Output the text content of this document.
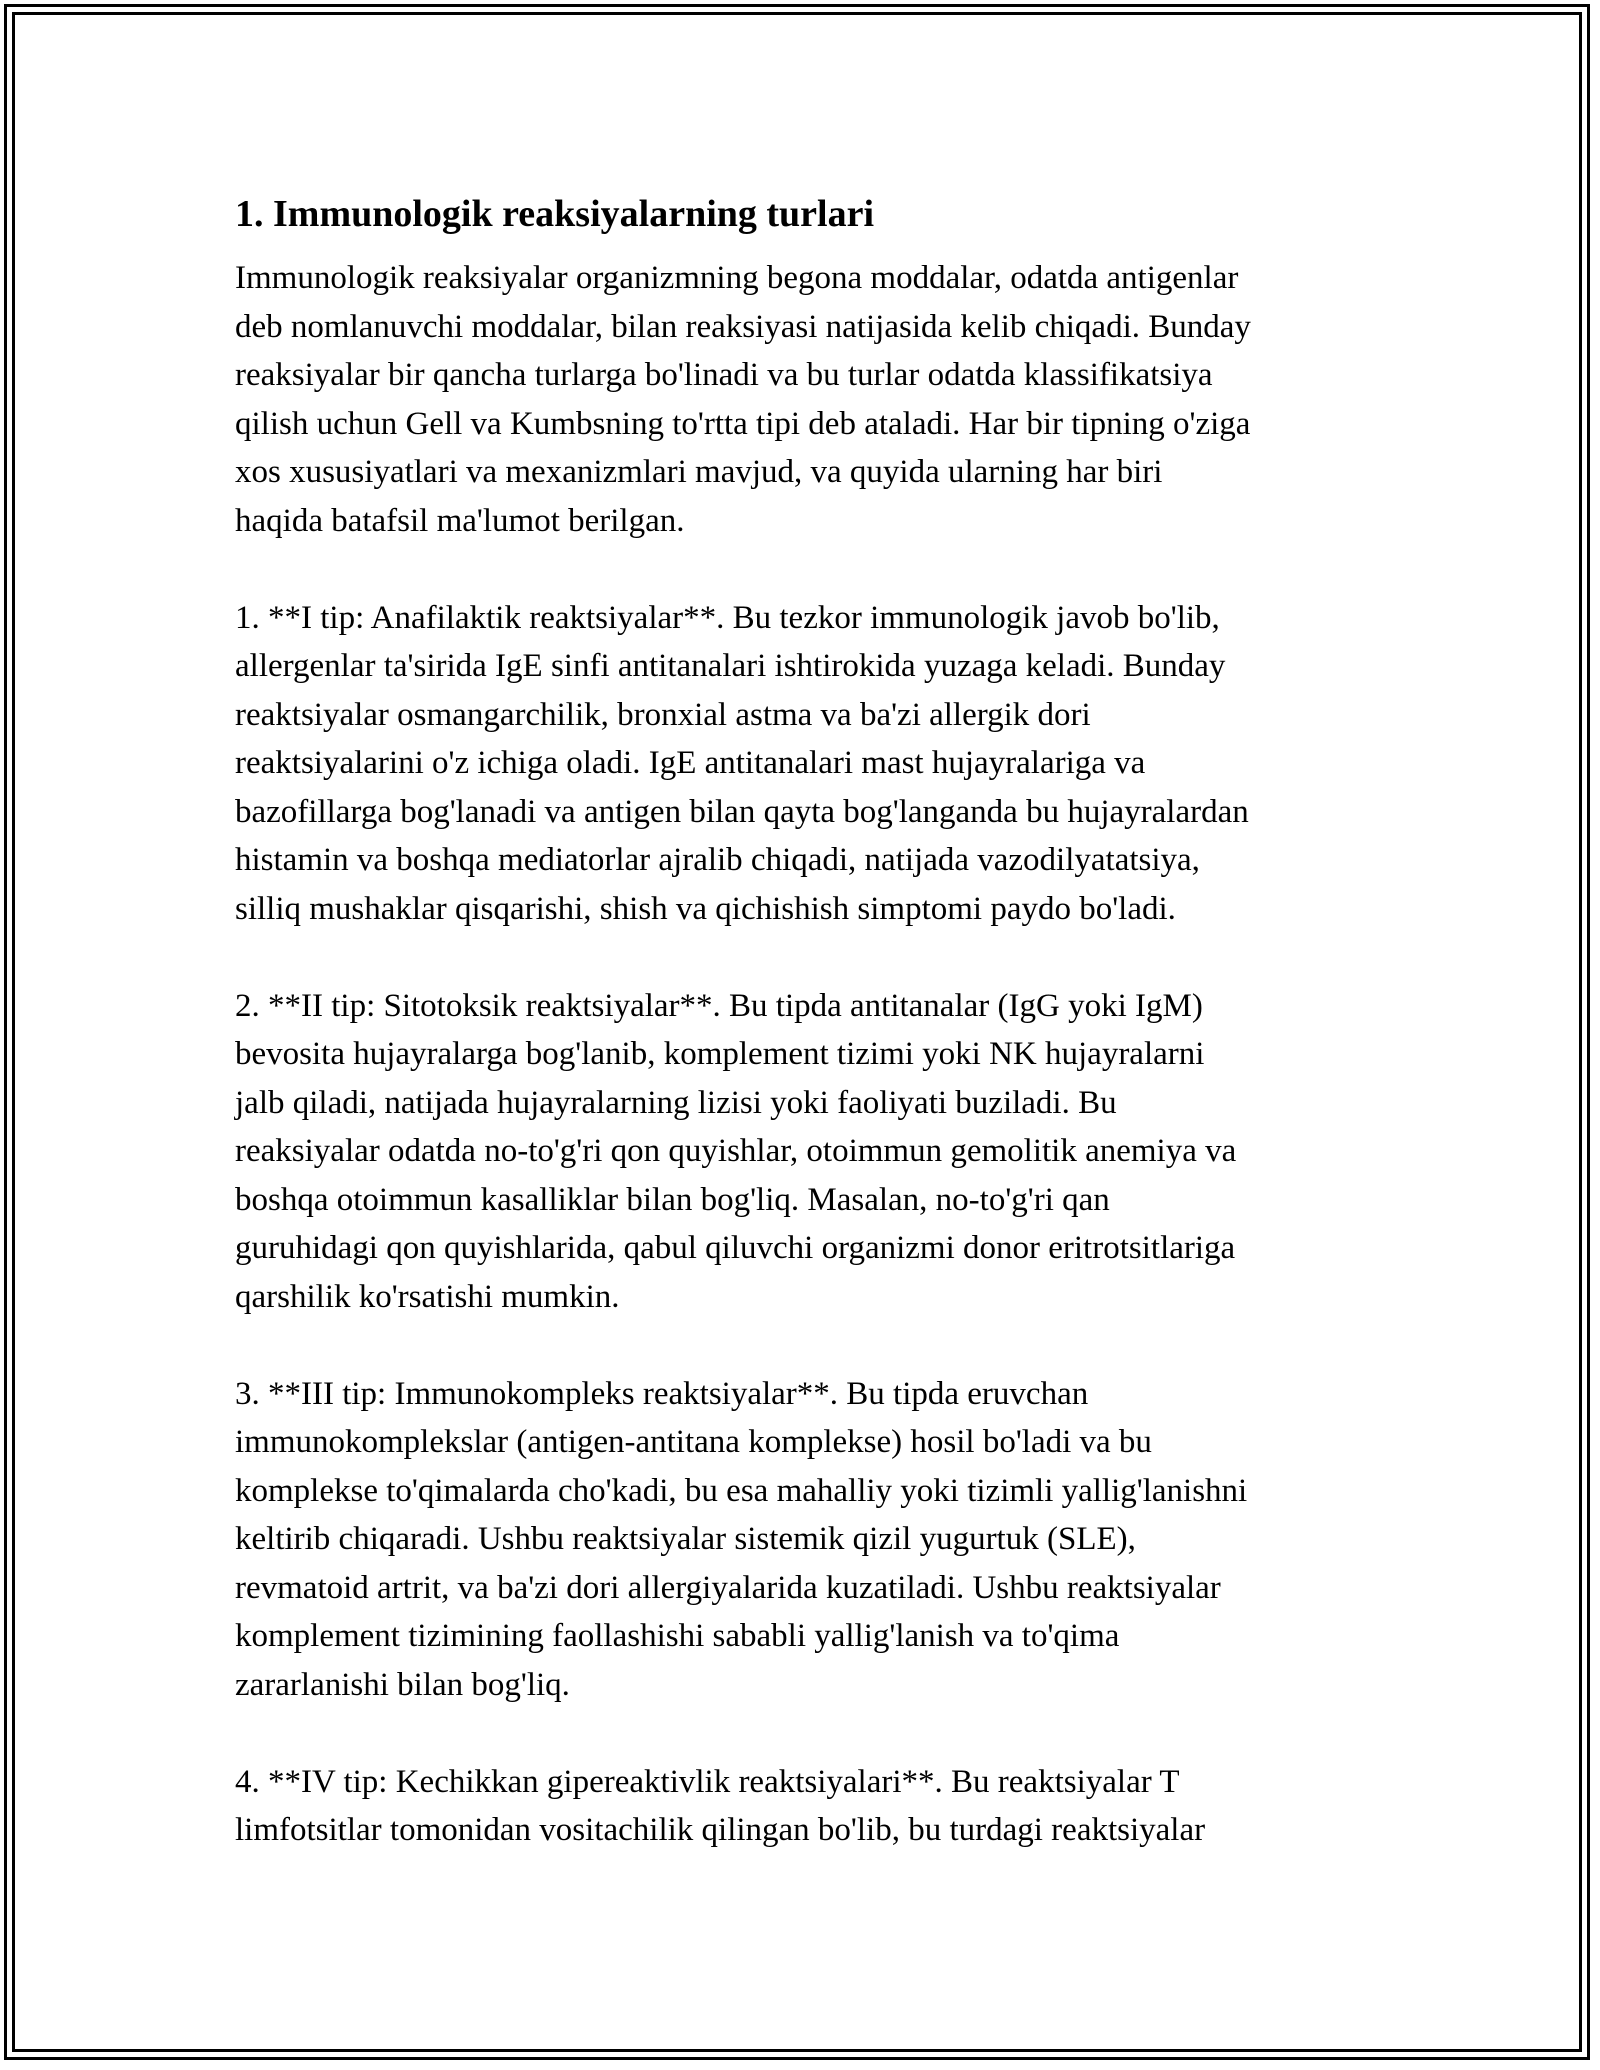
1. Immunologik reaksiyalarning turlari

Immunologik reaksiyalar organizmning begona moddalar, odatda antigenlar
deb nomlanuvchi moddalar, bilan reaksiyasi natijasida kelib chiqadi. Bunday
reaksiyalar bir qancha turlarga bo'linadi va bu turlar odatda klassifikatsiya
qilish uchun Gell va Kumbsning to'rtta tipi deb ataladi. Har bir tipning o'ziga
xos xususiyatlari va mexanizmlari mavjud, va quyida ularning har biri
haqida batafsil ma'lumot berilgan.

1. **I tip: Anafilaktik reaktsiyalar**. Bu tezkor immunologik javob bo'lib,
allergenlar ta'sirida IgE sinfi antitanalari ishtirokida yuzaga keladi. Bunday
reaktsiyalar osmangarchilik, bronxial astma va ba'zi allergik dori
reaktsiyalarini o'z ichiga oladi. IgE antitanalari mast hujayralariga va
bazofillarga bog'lanadi va antigen bilan qayta bog'langanda bu hujayralardan
histamin va boshqa mediatorlar ajralib chiqadi, natijada vazodilyatatsiya,
silliq mushaklar qisqarishi, shish va qichishish simptomi paydo bo'ladi.

2. **II tip: Sitotoksik reaktsiyalar**. Bu tipda antitanalar (IgG yoki IgM)
bevosita hujayralarga bog'lanib, komplement tizimi yoki NK hujayralarni
jalb qiladi, natijada hujayralarning lizisi yoki faoliyati buziladi. Bu
reaksiyalar odatda no-to'g'ri qon quyishlar, otoimmun gemolitik anemiya va
boshqa otoimmun kasalliklar bilan bog'liq. Masalan, no-to'g'ri qan
guruhidagi qon quyishlarida, qabul qiluvchi organizmi donor eritrotsitlariga
qarshilik ko'rsatishi mumkin.

3. **III tip: Immunokompleks reaktsiyalar**. Bu tipda eruvchan
immunokomplekslar (antigen-antitana komplekse) hosil bo'ladi va bu
komplekse to'qimalarda cho'kadi, bu esa mahalliy yoki tizimli yallig'lanishni
keltirib chiqaradi. Ushbu reaktsiyalar sistemik qizil yugurtuk (SLE),
revmatoid artrit, va ba'zi dori allergiyalarida kuzatiladi. Ushbu reaktsiyalar
komplement tizimining faollashishi sababli yallig'lanish va to'qima
zararlanishi bilan bog'liq.

4. **IV tip: Kechikkan gipereaktivlik reaktsiyalari**. Bu reaktsiyalar T
limfotsitlar tomonidan vositachilik qilingan bo'lib, bu turdagi reaktsiyalar
